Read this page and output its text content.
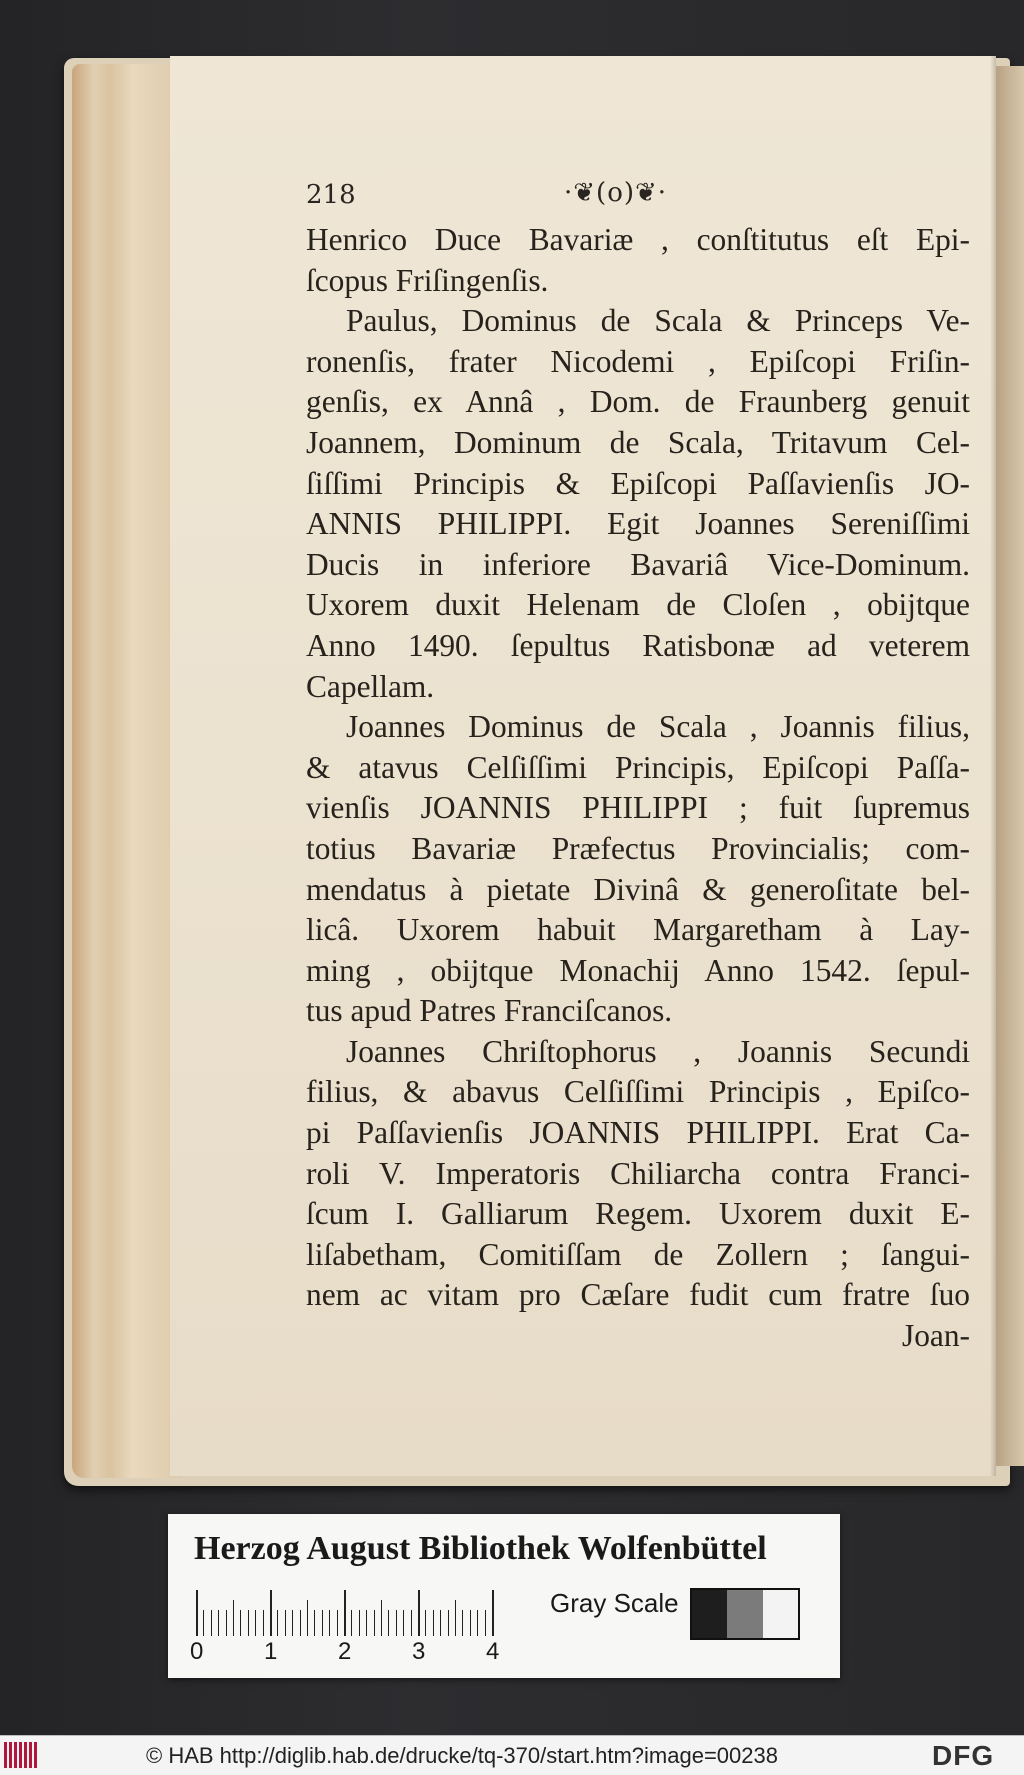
218	·❦(o)❦·
Henrico Duce Bavariæ , conſtitutus eſt Epi-
ſcopus Friſingenſis.
Paulus, Dominus de Scala & Princeps Ve-
ronenſis, frater Nicodemi , Epiſcopi Friſin-
genſis, ex Annâ , Dom. de Fraunberg genuit
Joannem, Dominum de Scala, Tritavum Cel-
ſiſſimi Principis & Epiſcopi Paſſavienſis JO-
ANNIS PHILIPPI. Egit Joannes Sereniſſimi
Ducis in inferiore Bavariâ Vice-Dominum.
Uxorem duxit Helenam de Cloſen , obijtque
Anno 1490. ſepultus Ratisbonæ ad veterem
Capellam.
Joannes Dominus de Scala , Joannis filius,
& atavus Celſiſſimi Principis, Epiſcopi Paſſa-
vienſis JOANNIS PHILIPPI ; fuit ſupremus
totius Bavariæ Præfectus Provincialis; com-
mendatus à pietate Divinâ & generoſitate bel-
licâ. Uxorem habuit Margaretham à Lay-
ming , obijtque Monachij Anno 1542. ſepul-
tus apud Patres Franciſcanos.
Joannes Chriſtophorus , Joannis Secundi
filius, & abavus Celſiſſimi Principis , Epiſco-
pi Paſſavienſis JOANNIS PHILIPPI. Erat Ca-
roli V. Imperatoris Chiliarcha contra Franci-
ſcum I. Galliarum Regem. Uxorem duxit E-
liſabetham, Comitiſſam de Zollern ; ſangui-
nem ac vitam pro Cæſare fudit cum fratre ſuo
Joan-
Herzog August Bibliothek Wolfenbüttel
0	1	2	3	4
Gray Scale
© HAB http://diglib.hab.de/drucke/tq-370/start.htm?image=00238	DFG
